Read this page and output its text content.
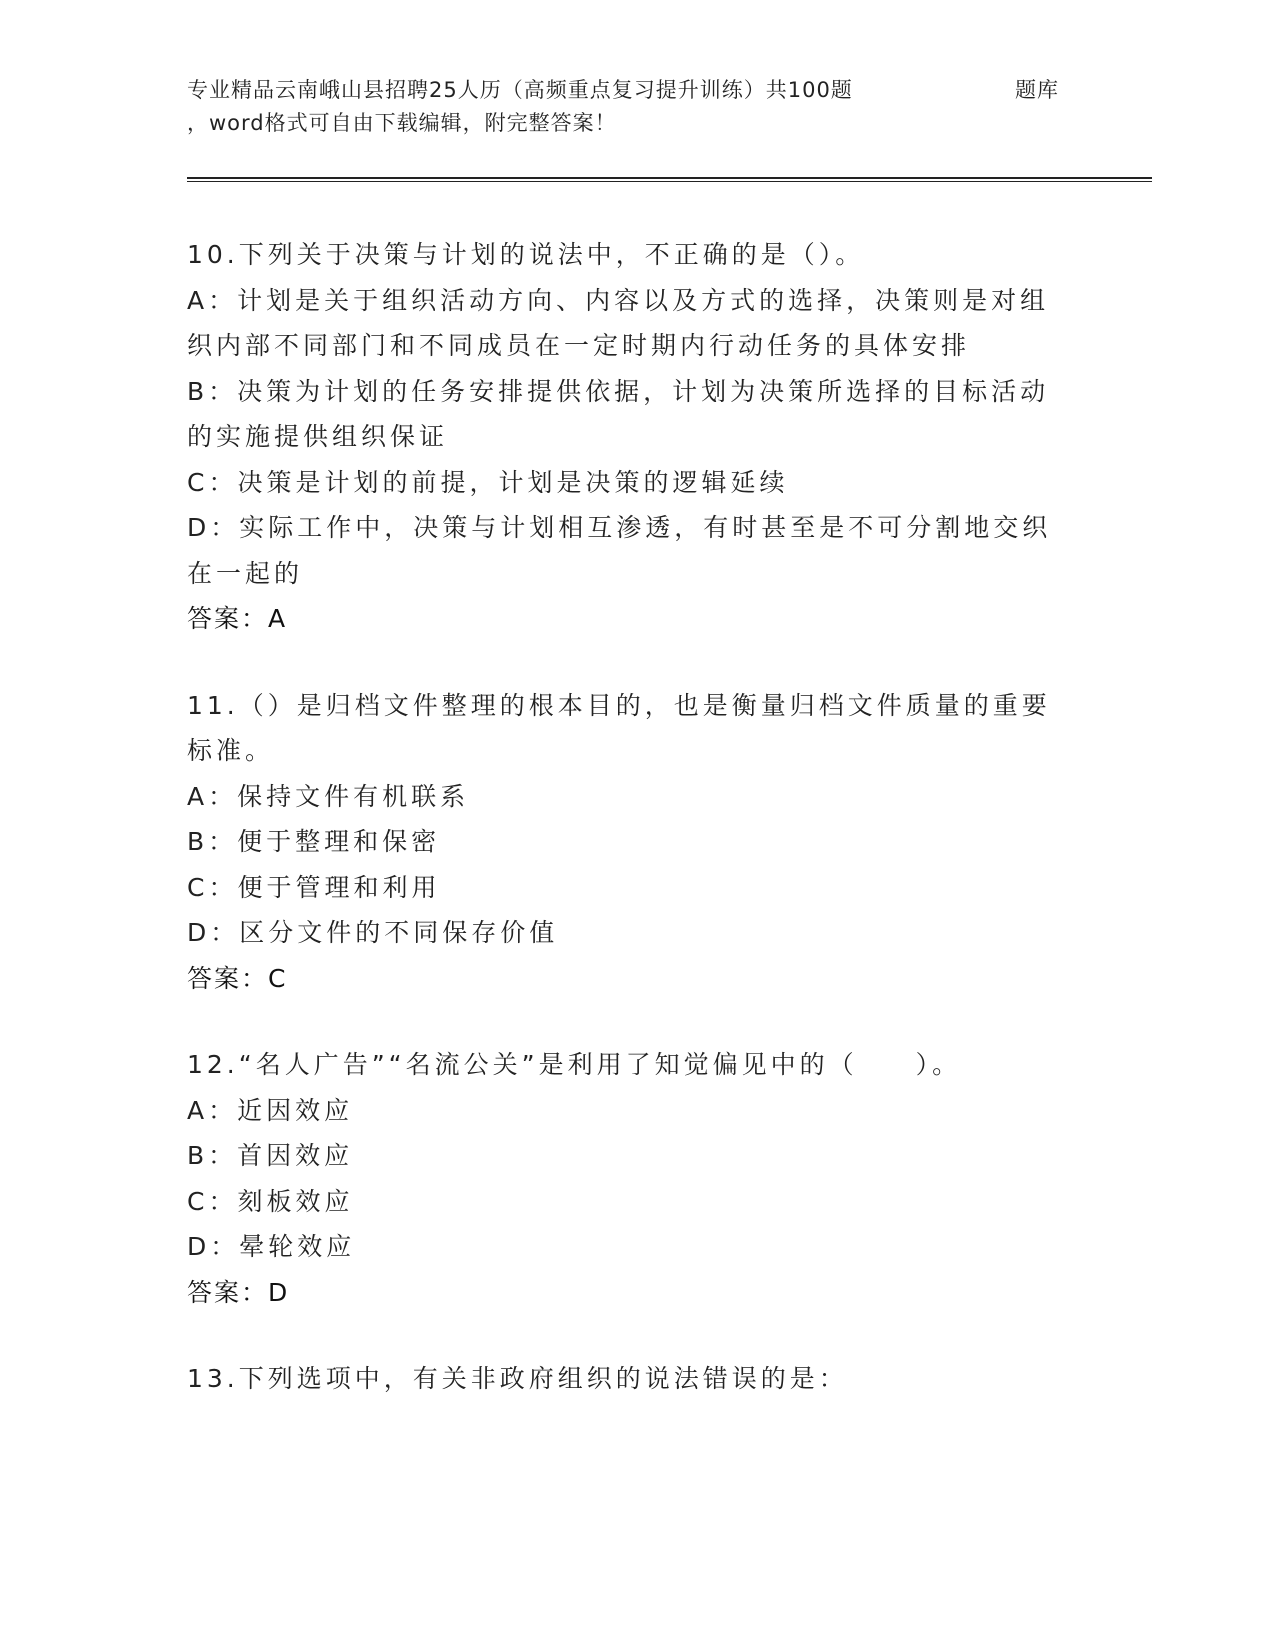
专业精品云南峨山县招聘25人历（高频重点复习提升训练）共100题	题库
，word格式可自由下载编辑，附完整答案！
10.下列关于决策与计划的说法中，不正确的是（）。
A：计划是关于组织活动方向、内容以及方式的选择，决策则是对组织内部不同部门和不同成员在一定时期内行动任务的具体安排
B：决策为计划的任务安排提供依据，计划为决策所选择的目标活动的实施提供组织保证
C：决策是计划的前提，计划是决策的逻辑延续
D：实际工作中，决策与计划相互渗透，有时甚至是不可分割地交织在一起的
答案：A
11.（）是归档文件整理的根本目的，也是衡量归档文件质量的重要标准。
A：保持文件有机联系
B：便于整理和保密
C：便于管理和利用
D：区分文件的不同保存价值
答案：C
12.“名人广告”“名流公关”是利用了知觉偏见中的（　　）。
A：近因效应
B：首因效应
C：刻板效应
D：晕轮效应
答案：D
13.下列选项中，有关非政府组织的说法错误的是：
